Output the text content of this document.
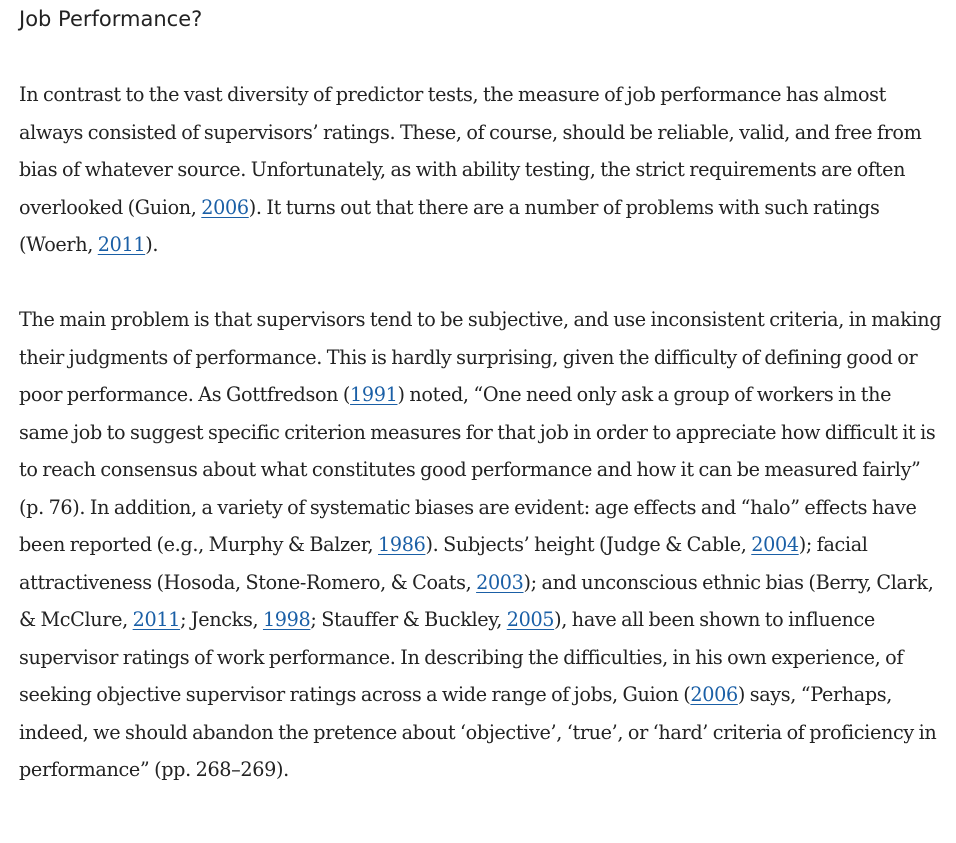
Job Performance?

In contrast to the vast diversity of predictor tests, the measure of job performance has almost always consisted of supervisors’ ratings. These, of course, should be reliable, valid, and free from bias of whatever source. Unfortunately, as with ability testing, the strict requirements are often overlooked (Guion, 2006). It turns out that there are a number of problems with such ratings (Woerh, 2011).

The main problem is that supervisors tend to be subjective, and use inconsistent criteria, in making their judgments of performance. This is hardly surprising, given the difficulty of defining good or poor performance. As Gottfredson (1991) noted, “One need only ask a group of workers in the same job to suggest specific criterion measures for that job in order to appreciate how difficult it is to reach consensus about what constitutes good performance and how it can be measured fairly” (p. 76). In addition, a variety of systematic biases are evident: age effects and “halo” effects have been reported (e.g., Murphy & Balzer, 1986). Subjects’ height (Judge & Cable, 2004); facial attractiveness (Hosoda, Stone-Romero, & Coats, 2003); and unconscious ethnic bias (Berry, Clark, & McClure, 2011; Jencks, 1998; Stauffer & Buckley, 2005), have all been shown to influence supervisor ratings of work performance. In describing the difficulties, in his own experience, of seeking objective supervisor ratings across a wide range of jobs, Guion (2006) says, “Perhaps, indeed, we should abandon the pretence about ‘objective’, ‘true’, or ‘hard’ criteria of proficiency in performance” (pp. 268–269).
